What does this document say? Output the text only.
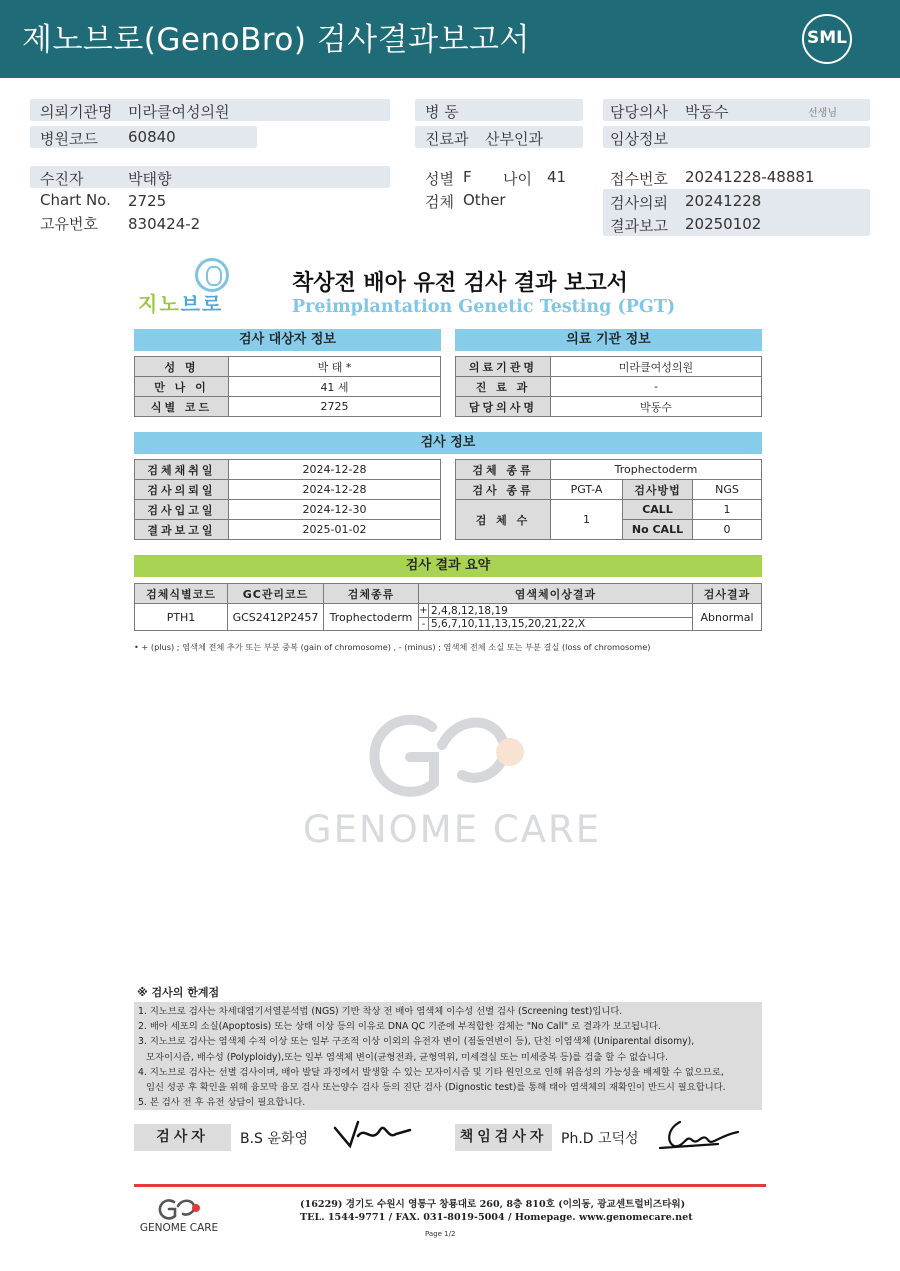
제노브로(GenoBro) 검사결과보고서	SML
의뢰기관명 미라클여성의원
병원코드 60840
수진자	박태향
Chart No. 2725
고유번호 830424-2
병 동
진료과 산부인과
성별 F 나이 41
검체 Other
담당의사 박동수	선생님
임상정보
접수번호 20241228-48881
검사의뢰 20241228
결과보고 20250102
지노브로
착상전 배아 유전 검사 결과 보고서
Preimplantation Genetic Testing (PGT)
검사 대상자 정보
성 명	박 태 *
만 나 이	41 세
식별 코드	2725
의료 기관 정보
의료기관명	미라클여성의원
진 료 과	-
담당의사명	박동수
검사 정보
검체채취일	2024-12-28
검사의뢰일	2024-12-28
검사입고일	2024-12-30
결과보고일	2025-01-02
검체 종류	Trophectoderm		
검사 종류	PGT-A	검사방법	NGS
검 체 수	1	CALL	1
		No CALL	0
검사 결과 요약
검체식별코드	GC관리코드	검체종류	염색체이상결과		검사결과
PTH1	GCS2412P2457	Trophectoderm	+	2,4,8,12,18,19	Abnormal
			-	5,6,7,10,11,13,15,20,21,22,X	
• + (plus) ; 염색체 전체 추가 또는 부분 중복 (gain of chromosome) , - (minus) ; 염색체 전체 소실 또는 부분 결실 (loss of chromosome)
GENOME CARE
※ 검사의 한계점
1. 지노브로 검사는 차세대염기서열분석법 (NGS) 기반 착상 전 배아 염색체 이수성 선별 검사 (Screening test)입니다.
2. 배아 세포의 소실(Apoptosis) 또는 상태 이상 등의 이유로 DNA QC 기준에 부적합한 검체는 "No Call" 로 결과가 보고됩니다.
3. 지노브로 검사는 염색체 수적 이상 또는 일부 구조적 이상 이외의 유전자 변이 (점돌연변이 등), 단친 이염색체 (Uniparental disomy),
모자이시즘, 배수성 (Polyploidy),또는 일부 염색체 변이(균형전좌, 균형역위, 미세결실 또는 미세중복 등)를 검출 할 수 없습니다.
4. 지노브로 검사는 선별 검사이며, 배아 발달 과정에서 발생할 수 있는 모자이시즘 및 기타 원인으로 인해 위음성의 가능성을 배제할 수 없으므로,
임신 성공 후 확인을 위해 융모막 융모 검사 또는양수 검사 등의 진단 검사 (Dignostic test)를 통해 태아 염색체의 재확인이 반드시 필요합니다.
5. 본 검사 전 후 유전 상담이 필요합니다.
검사자	B.S 윤화영	책임검사자 Ph.D 고덕성
GENOME CARE
(16229) 경기도 수원시 영통구 창룡대로 260, 8층 810호 (이의동, 광교센트럴비즈타워)
TEL. 1544-9771 / FAX. 031-8019-5004 / Homepage. www.genomecare.net
Page 1/2
